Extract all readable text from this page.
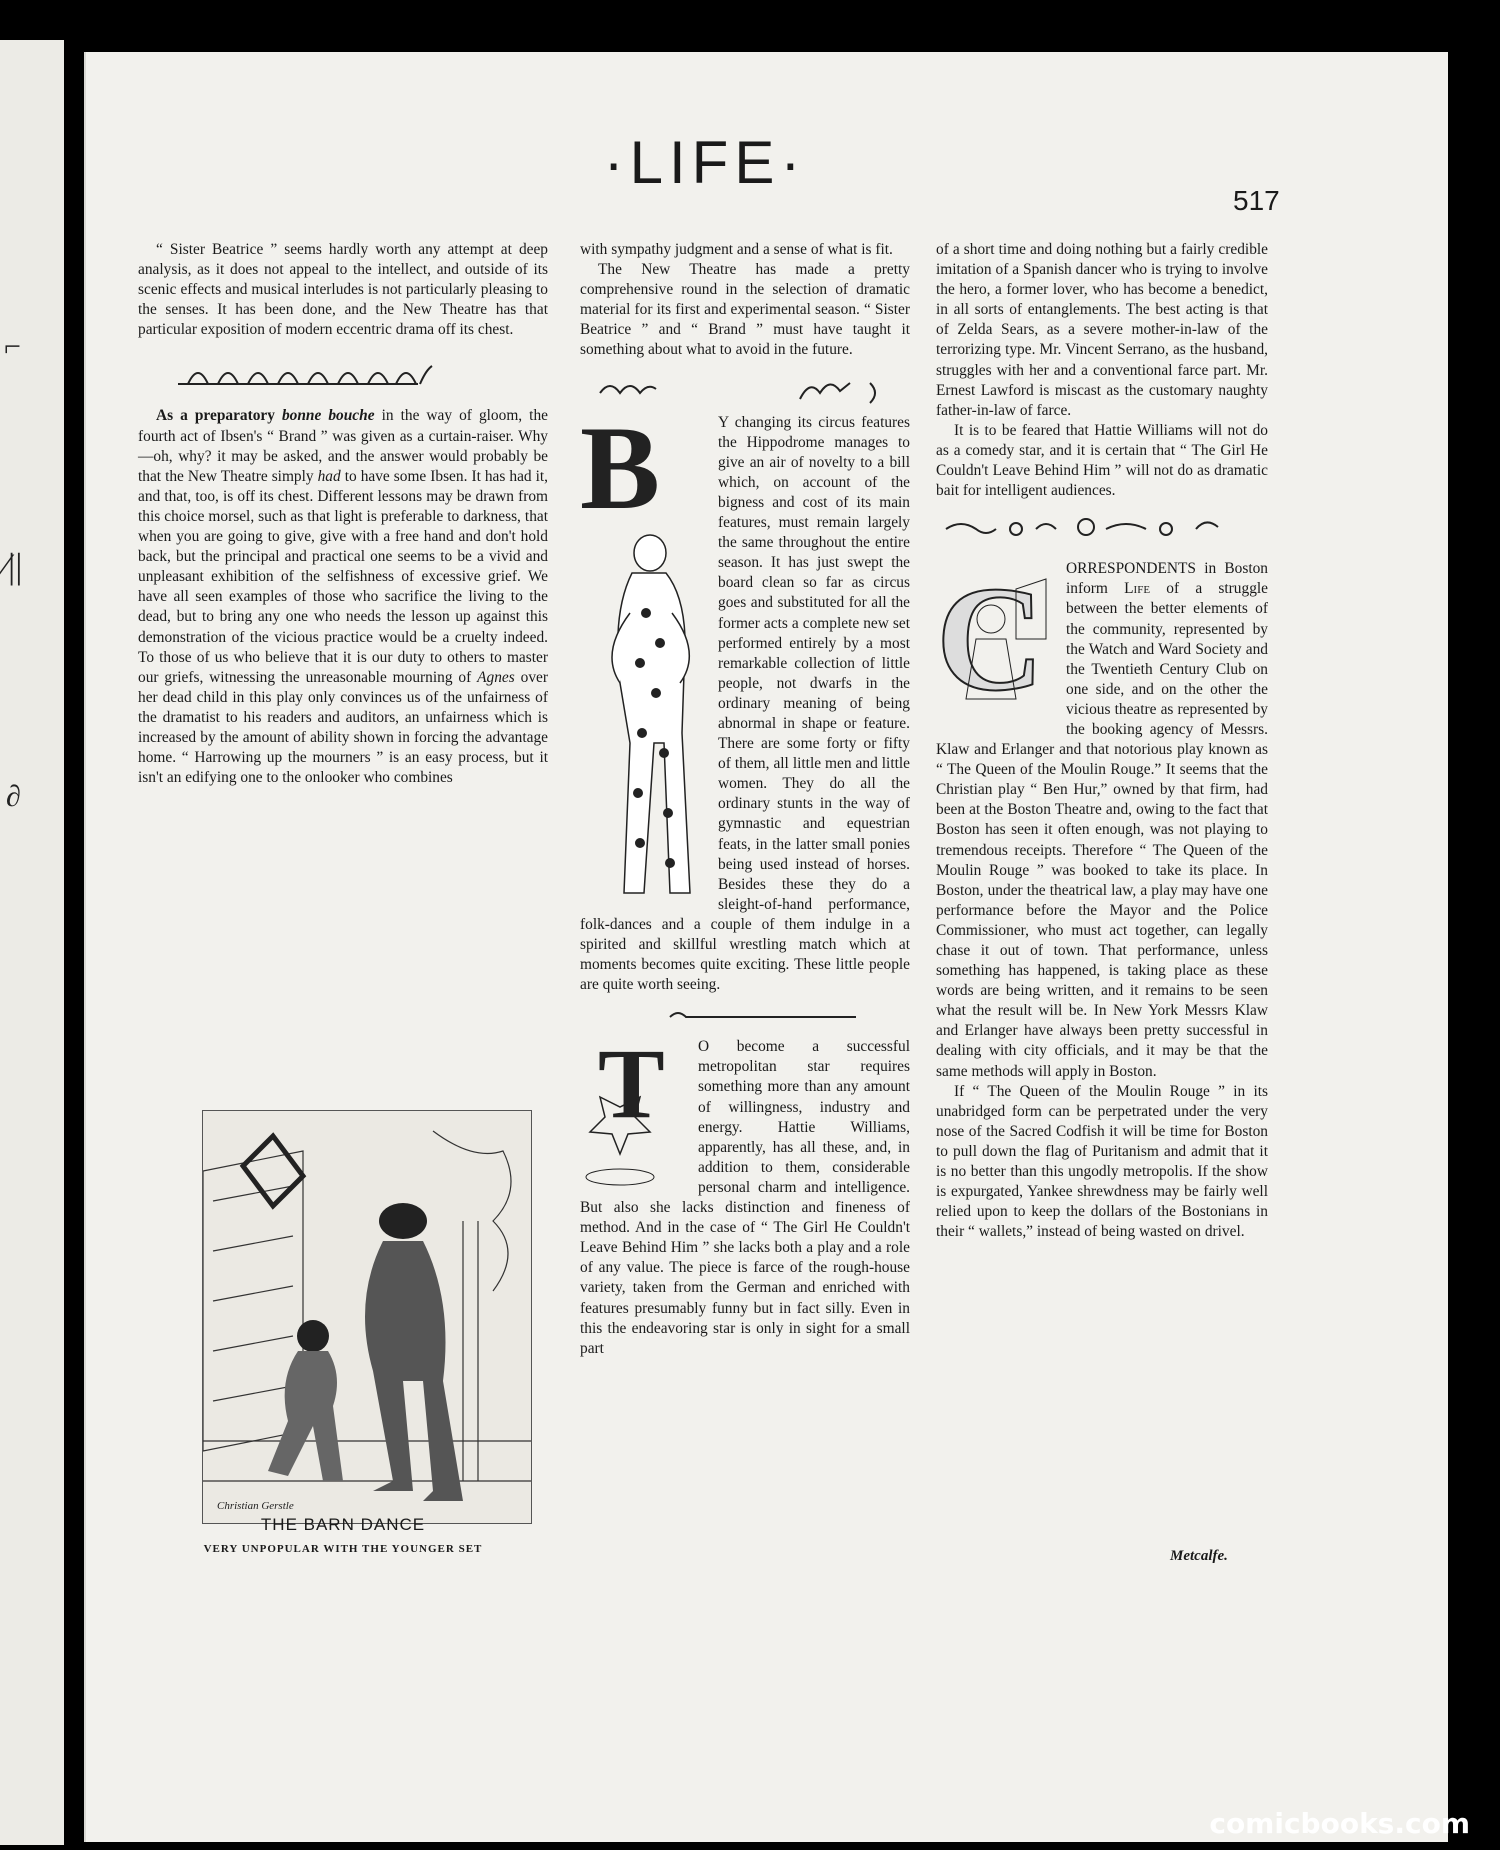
⌐
⁄||
∂
·LIFE·
517

“ Sister Beatrice ” seems hardly worth any attempt at deep analysis, as it does not appeal to the intellect, and outside of its scenic effects and musical interludes is not particularly pleasing to the senses. It has been done, and the New Theatre has that particular exposition of modern eccentric drama off its chest.

As a preparatory bonne bouche in the way of gloom, the fourth act of Ibsen's “ Brand ” was given as a curtain-raiser. Why—oh, why? it may be asked, and the answer would probably be that the New Theatre simply had to have some Ibsen. It has had it, and that, too, is off its chest. Different lessons may be drawn from this choice morsel, such as that light is preferable to darkness, that when you are going to give, give with a free hand and don't hold back, but the principal and practical one seems to be a vivid and unpleasant exhibition of the selfishness of excessive grief. We have all seen examples of those who sacrifice the living to the dead, but to bring any one who needs the lesson up against this demonstration of the vicious practice would be a cruelty indeed. To those of us who believe that it is our duty to others to master our griefs, witnessing the unreasonable mourning of Agnes over her dead child in this play only convinces us of the unfairness of the dramatist to his readers and auditors, an unfairness which is increased by the amount of ability shown in forcing the advantage home. “ Harrowing up the mourners ” is an easy process, but it isn't an edifying one to the onlooker who combines

Christian Gerstle
THE BARN DANCE
VERY UNPOPULAR WITH THE YOUNGER SET

with sympathy judgment and a sense of what is fit.

The New Theatre has made a pretty comprehensive round in the selection of dramatic material for its first and experimental season. “ Sister Beatrice ” and “ Brand ” must have taught it something about what to avoid in the future.

B	Y changing its circus features the Hippodrome manages to give an air of novelty to a bill which, on account of the bigness and cost of its main features, must remain largely the same throughout the entire season. It has just swept the board clean so far as circus goes and substituted for all the former acts a complete new set performed entirely by a most remarkable collection of little people, not dwarfs in the ordinary meaning of being abnormal in shape or feature. There are some forty or fifty of them, all little men and little women. They do all the ordinary stunts in the way of gymnastic and equestrian feats, in the latter small ponies being used instead of horses. Besides these they do a sleight-of-hand performance, folk-dances and a couple of them indulge in a spirited and skillful wrestling match which at moments becomes quite exciting. These little people are quite worth seeing.

T	O become a successful metropolitan star requires something more than any amount of willingness, industry and energy. Hattie Williams, apparently, has all these, and, in addition to them, considerable personal charm and intelligence. But also she lacks distinction and fineness of method. And in the case of “ The Girl He Couldn't Leave Behind Him ” she lacks both a play and a role of any value. The piece is farce of the rough-house variety, taken from the German and enriched with features presumably funny but in fact silly. Even in this the endeavoring star is only in sight for a small part

of a short time and doing nothing but a fairly credible imitation of a Spanish dancer who is trying to involve the hero, a former lover, who has become a benedict, in all sorts of entanglements. The best acting is that of Zelda Sears, as a severe mother-in-law of the terrorizing type. Mr. Vincent Serrano, as the husband, struggles with her and a conventional farce part. Mr. Ernest Lawford is miscast as the customary naughty father-in-law of farce.

It is to be feared that Hattie Williams will not do as a comedy star, and it is certain that “ The Girl He Couldn't Leave Behind Him ” will not do as dramatic bait for intelligent audiences.

C	ORRESPONDENTS in Boston inform Life of a struggle between the better elements of the community, represented by the Watch and Ward Society and the Twentieth Century Club on one side, and on the other the vicious theatre as represented by the booking agency of Messrs. Klaw and Erlanger and that notorious play known as “ The Queen of the Moulin Rouge.” It seems that the Christian play “ Ben Hur,” owned by that firm, had been at the Boston Theatre and, owing to the fact that Boston has seen it often enough, was not playing to tremendous receipts. Therefore “ The Queen of the Moulin Rouge ” was booked to take its place. In Boston, under the theatrical law, a play may have one performance before the Mayor and the Police Commissioner, who must act together, can legally chase it out of town. That performance, unless something has happened, is taking place as these words are being written, and it remains to be seen what the result will be. In New York Messrs Klaw and Erlanger have always been pretty successful in dealing with city officials, and it may be that the same methods will apply in Boston.

If “ The Queen of the Moulin Rouge ” in its unabridged form can be perpetrated under the very nose of the Sacred Codfish it will be time for Boston to pull down the flag of Puritanism and admit that it is no better than this ungodly metropolis. If the show is expurgated, Yankee shrewdness may be fairly well relied upon to keep the dollars of the Bostonians in their “ wallets,” instead of being wasted on drivel.

Metcalfe.
comicbooks.com
